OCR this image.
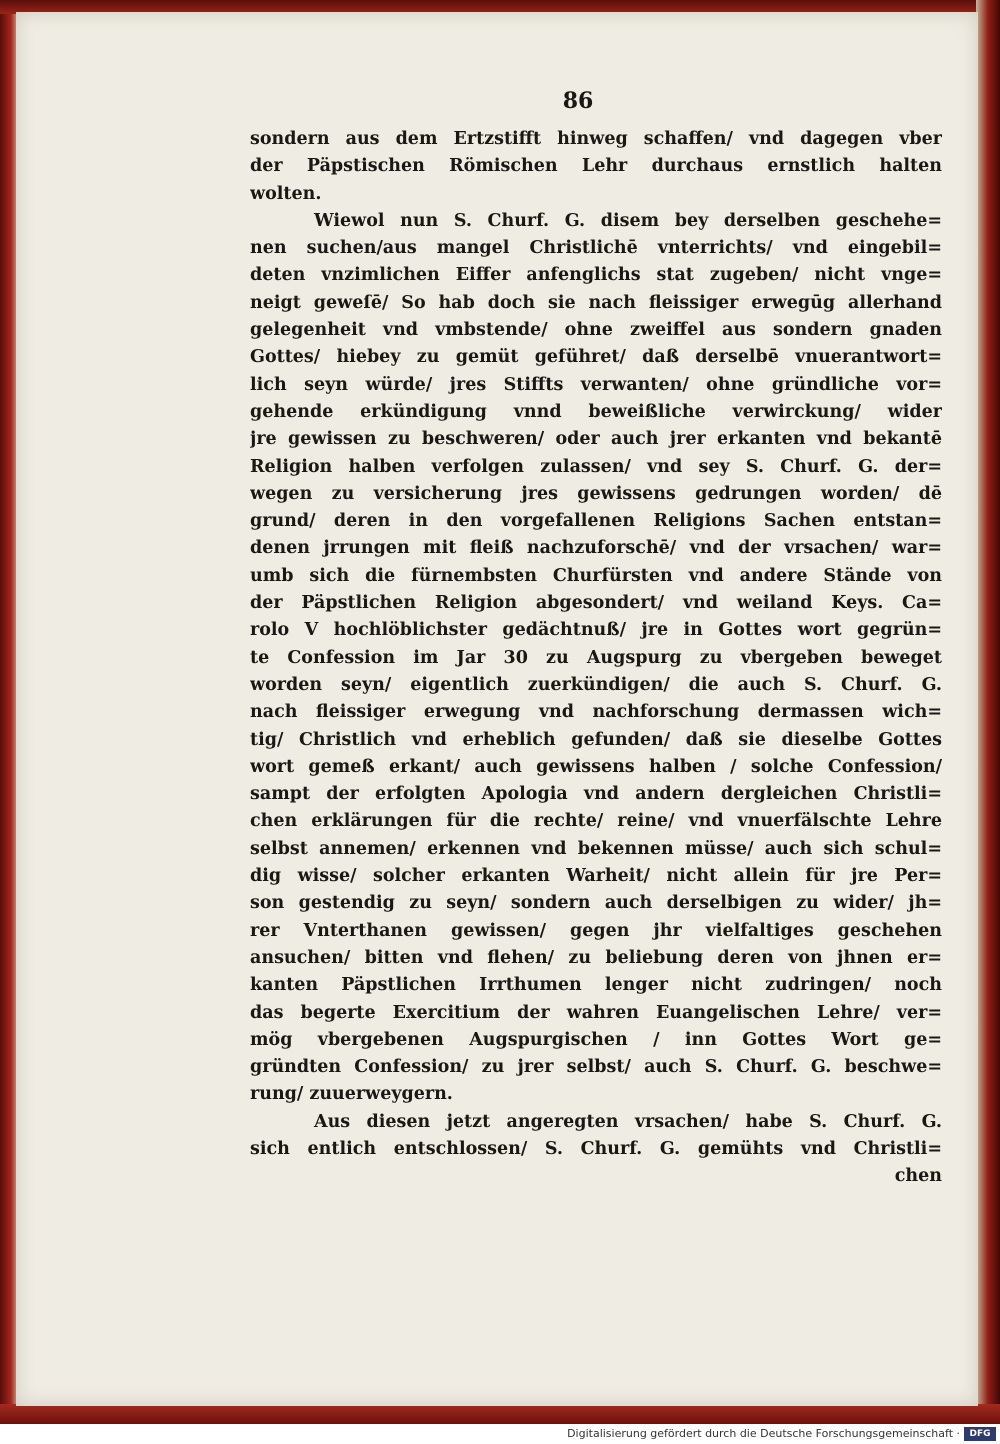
86
sondern aus dem Ertzstifft hinweg schaffen/ vnd dagegen vber
der Päpstischen Römischen Lehr durchaus ernstlich halten
wolten.
Wiewol nun S. Churf. G. disem bey derselben geschehe=
nen suchen/aus mangel Christlichē vnterrichts/ vnd eingebil=
deten vnzimlichen Eiffer anfenglichs stat zugeben/ nicht vnge=
neigt geweſē/ So hab doch sie nach fleissiger erwegūg allerhand
gelegenheit vnd vmbstende/ ohne zweiffel aus sondern gnaden
Gottes/ hiebey zu gemüt geführet/ daß derselbē vnuerantwort=
lich seyn würde/ jres Stiffts verwanten/ ohne gründliche vor=
gehende erkündigung vnnd beweißliche verwirckung/ wider
jre gewissen zu beschweren/ oder auch jrer erkanten vnd bekantē
Religion halben verfolgen zulassen/ vnd sey S. Churf. G. der=
wegen zu versicherung jres gewissens gedrungen worden/ dē
grund/ deren in den vorgefallenen Religions Sachen entstan=
denen jrrungen mit fleiß nachzuforschē/ vnd der vrsachen/ war=
umb sich die fürnembsten Churfürsten vnd andere Stände von
der Päpstlichen Religion abgesondert/ vnd weiland Keys. Ca=
rolo V hochlöblichster gedächtnuß/ jre in Gottes wort gegrün=
te Confession im Jar 30 zu Augspurg zu vbergeben beweget
worden seyn/ eigentlich zuerkündigen/ die auch S. Churf. G.
nach fleissiger erwegung vnd nachforschung dermassen wich=
tig/ Christlich vnd erheblich gefunden/ daß sie dieselbe Gottes
wort gemeß erkant/ auch gewissens halben / solche Confession/
sampt der erfolgten Apologia vnd andern dergleichen Christli=
chen erklärungen für die rechte/ reine/ vnd vnuerfälschte Lehre
selbst annemen/ erkennen vnd bekennen müsse/ auch sich schul=
dig wisse/ solcher erkanten Warheit/ nicht allein für jre Per=
son gestendig zu seyn/ sondern auch derselbigen zu wider/ jh=
rer Vnterthanen gewissen/ gegen jhr vielfaltiges geschehen
ansuchen/ bitten vnd flehen/ zu beliebung deren von jhnen er=
kanten Päpstlichen Irrthumen lenger nicht zudringen/ noch
das begerte Exercitium der wahren Euangelischen Lehre/ ver=
mög vbergebenen Augspurgischen / inn Gottes Wort ge=
gründten Confession/ zu jrer selbst/ auch S. Churf. G. beschwe=
rung/ zuuerweygern.
Aus diesen jetzt angeregten vrsachen/ habe S. Churf. G.
sich entlich entschlossen/ S. Churf. G. gemühts vnd Christli=
chen
Digitalisierung gefördert durch die Deutsche Forschungsgemeinschaft ·	DFG
